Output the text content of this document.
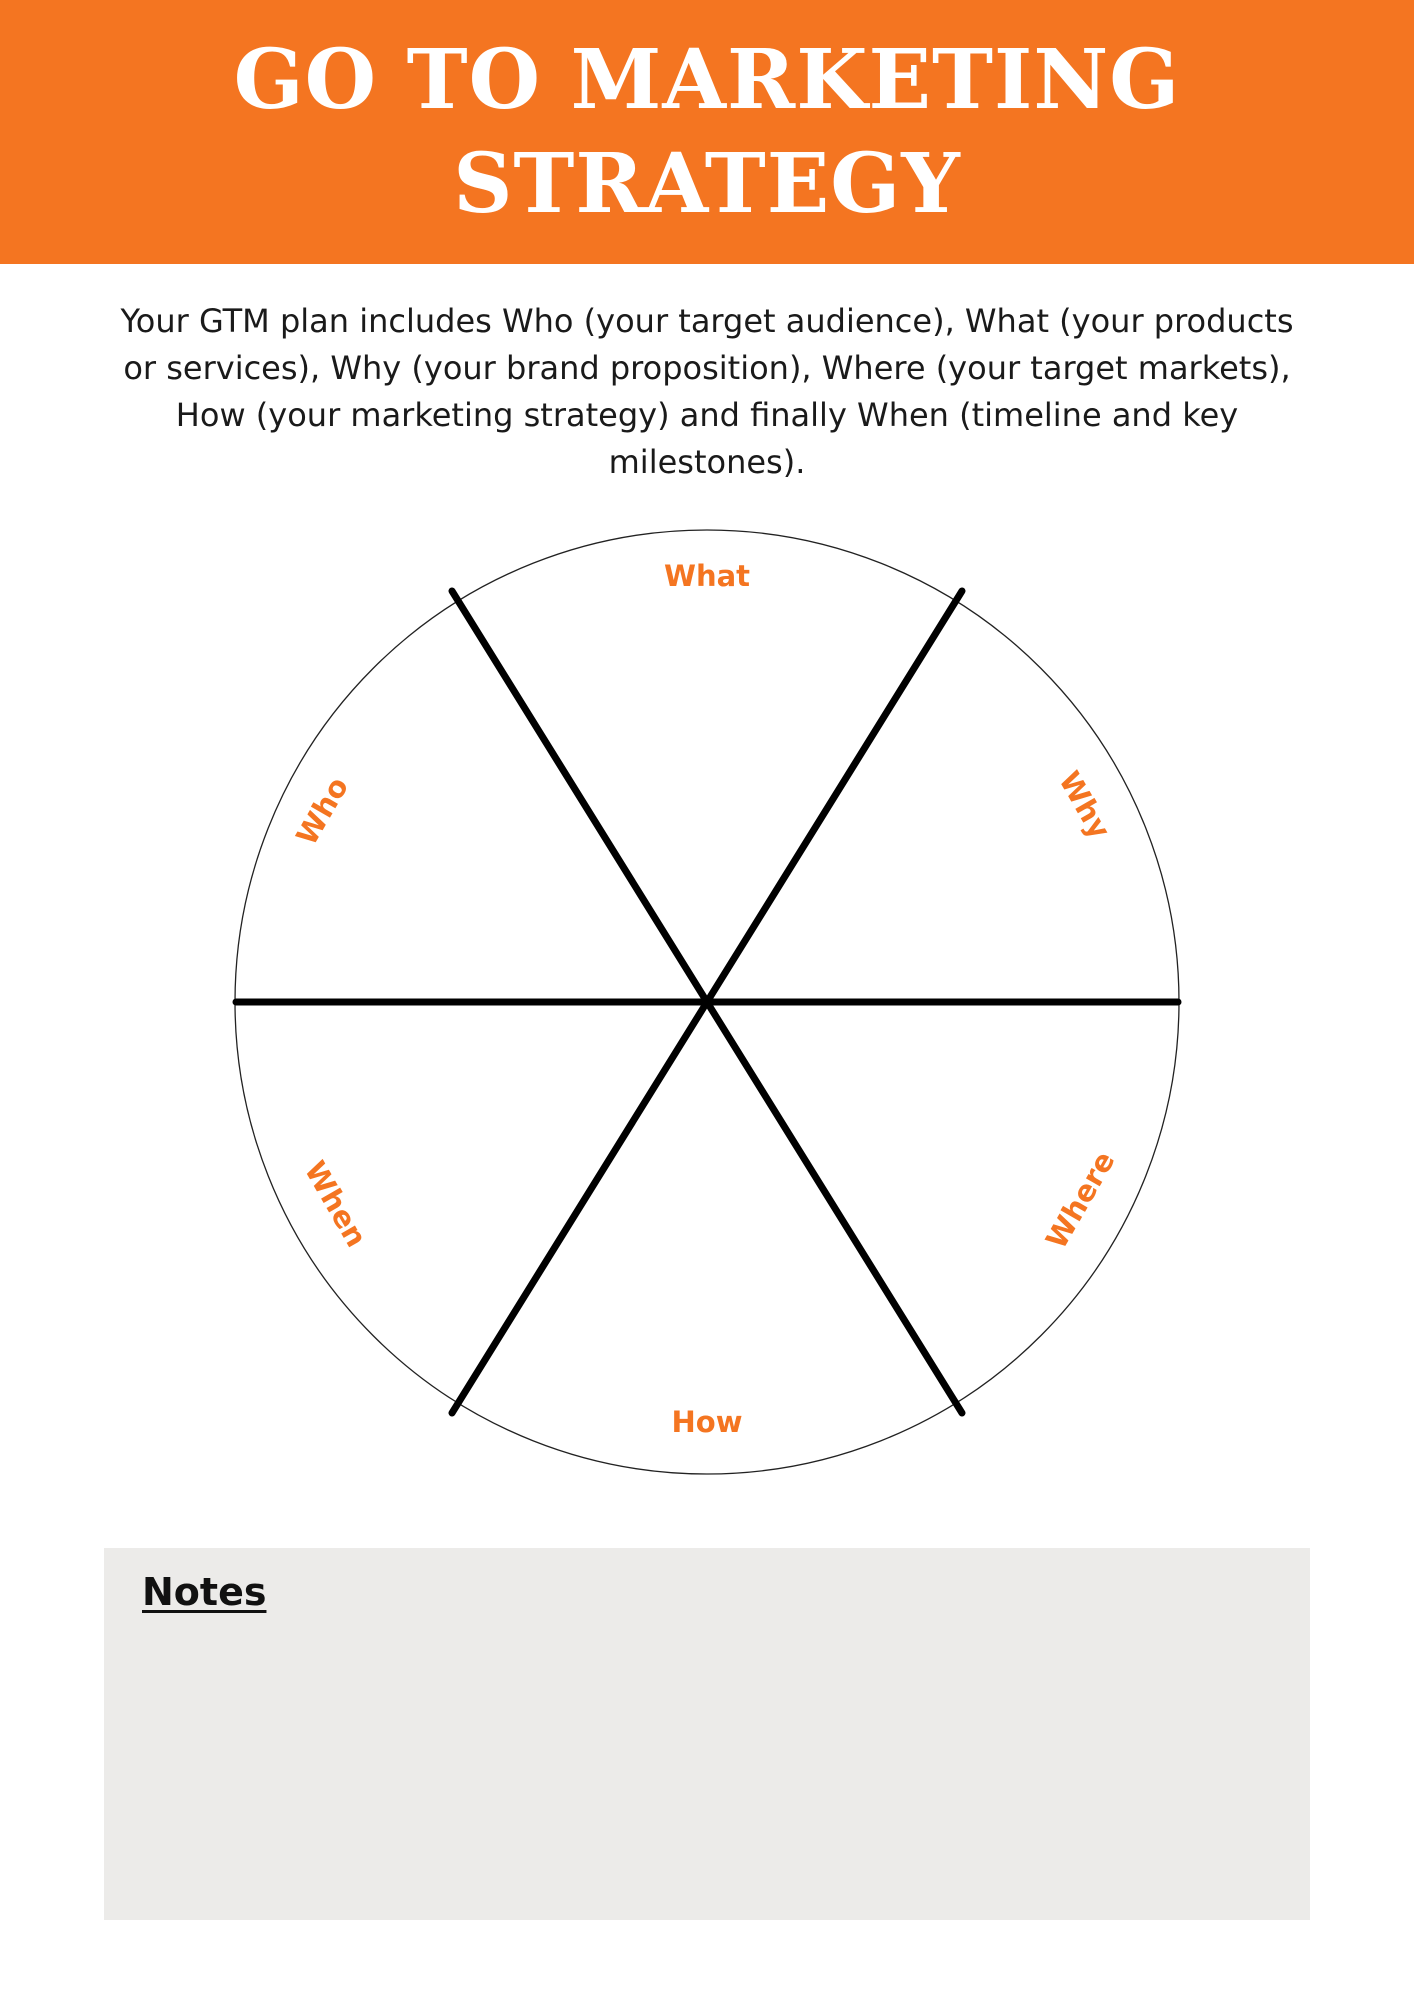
GO TO MARKETING
STRATEGY

Your GTM plan includes Who (your target audience), What (your products
or services), Why (your brand proposition), Where (your target markets),
How (your marketing strategy) and finally When (timeline and key
milestones).

What
Why
Where
How
When
Who
Notes
